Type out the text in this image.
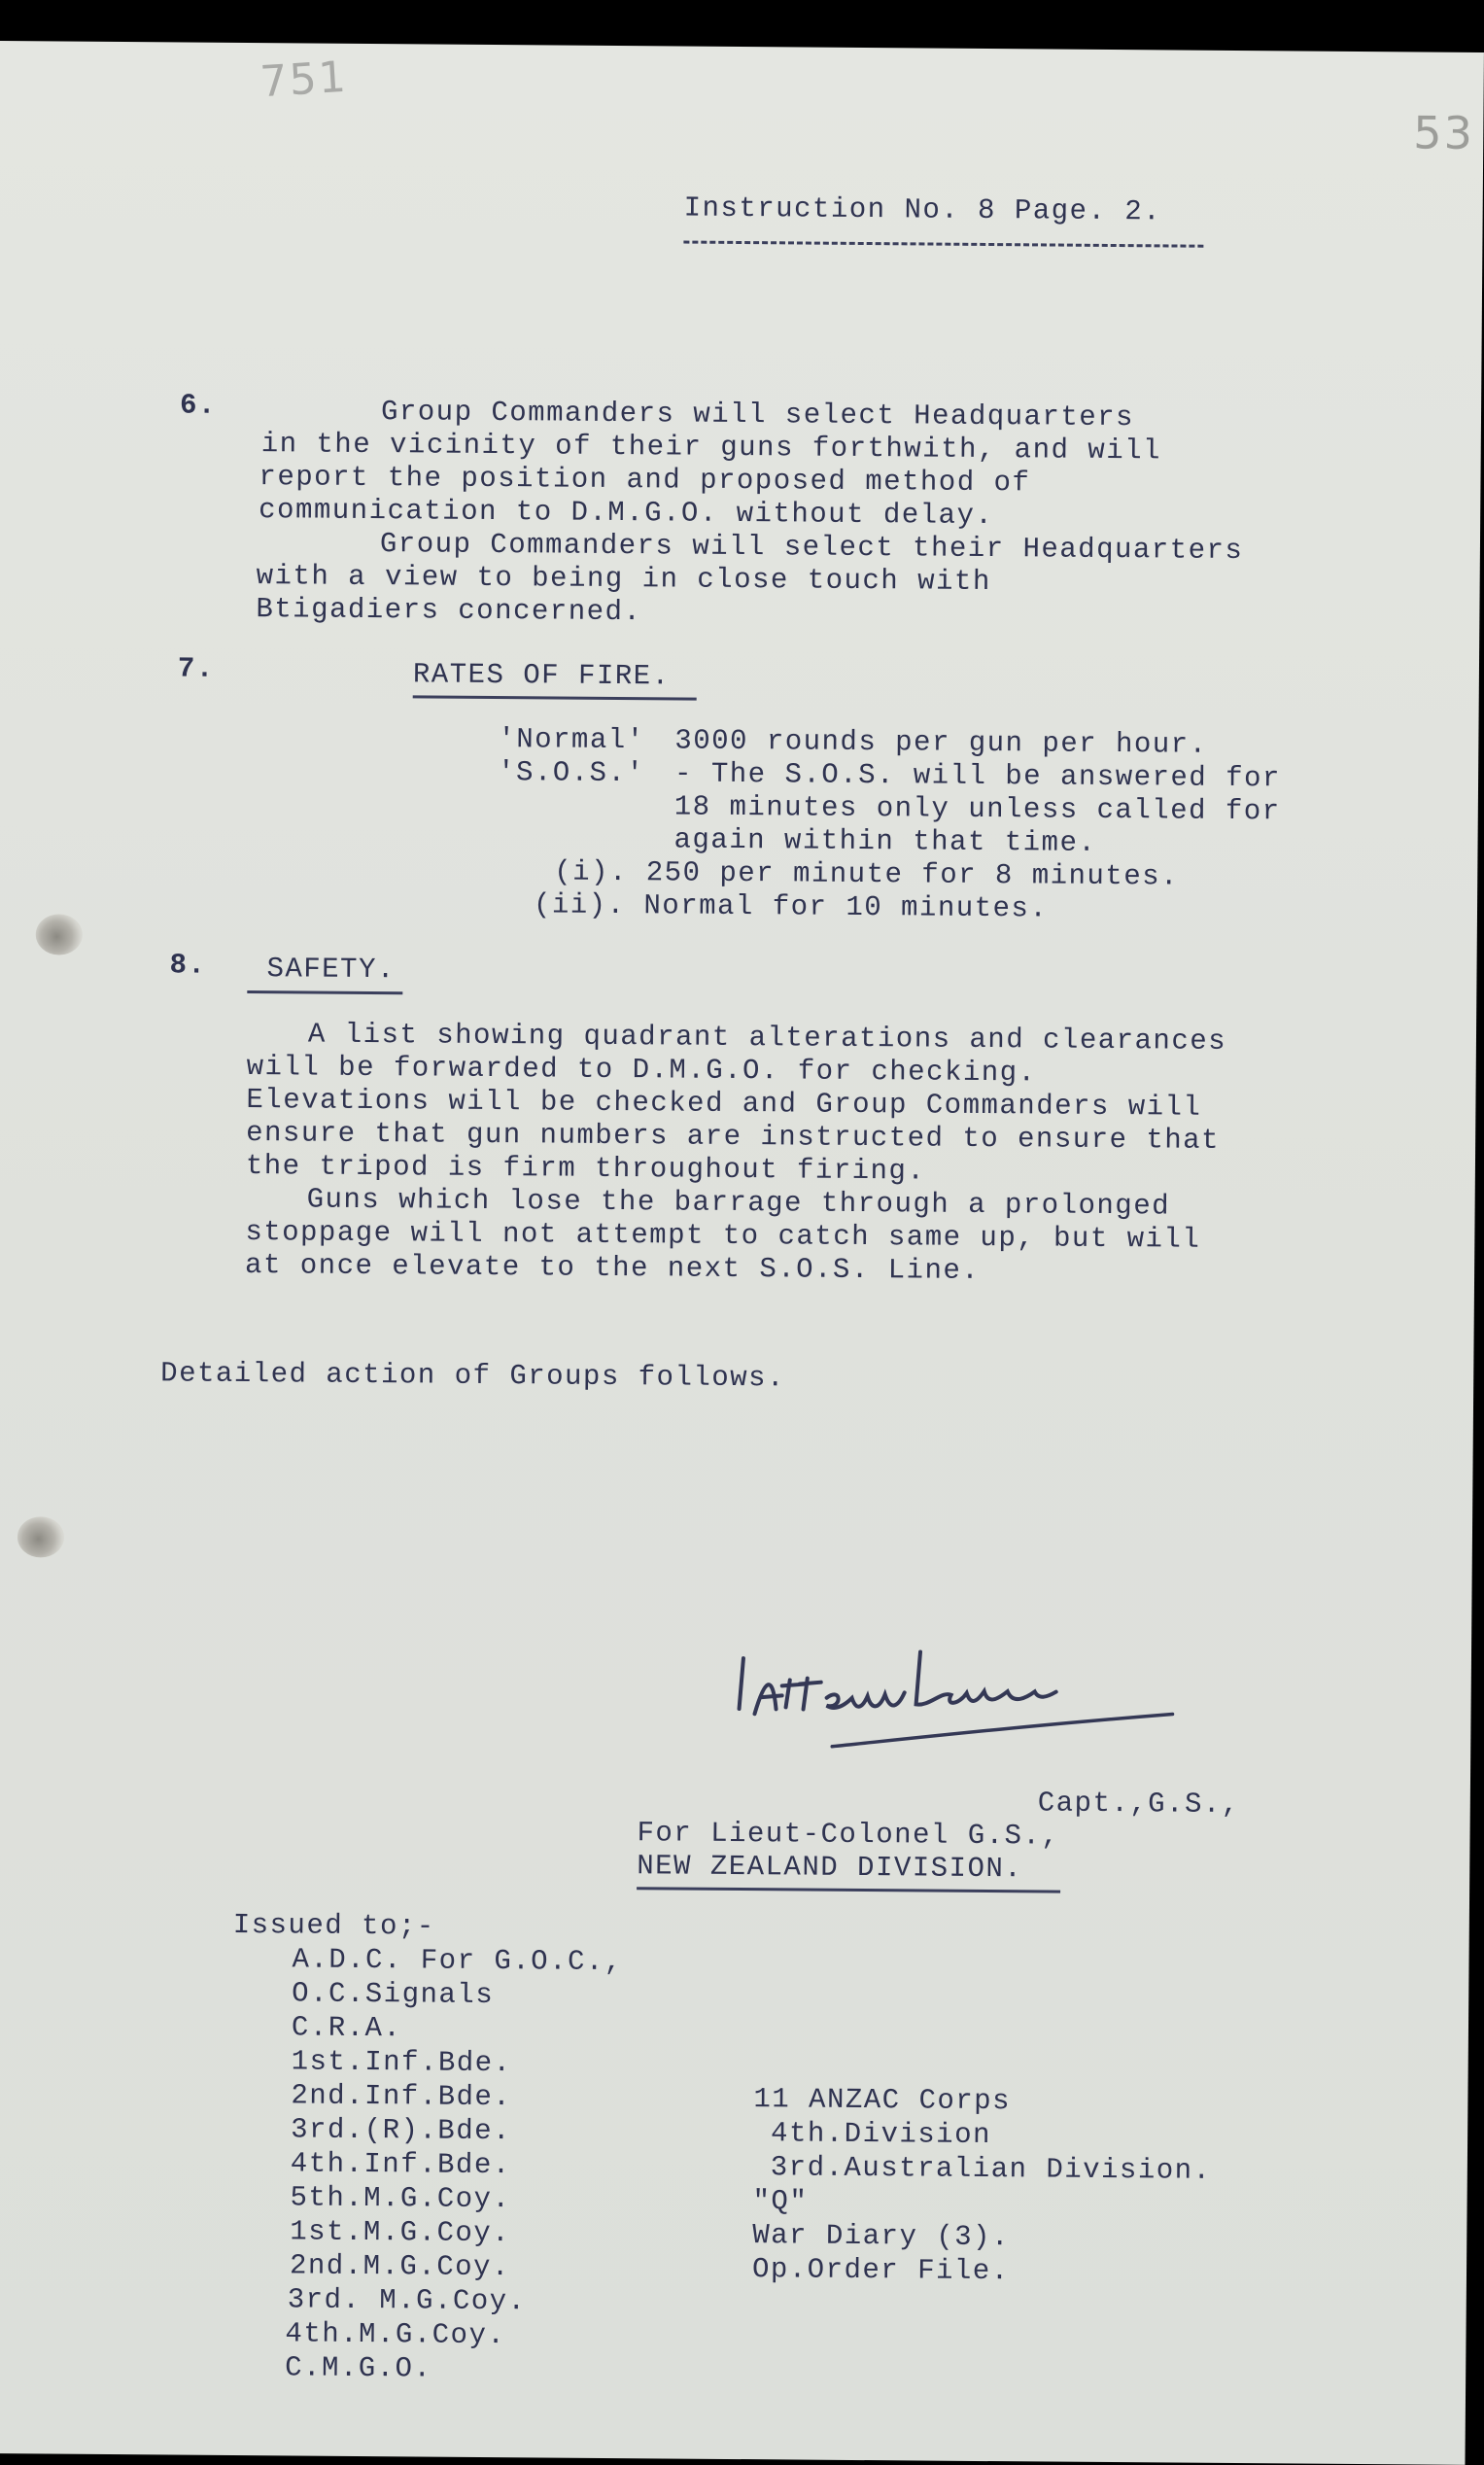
751
53
Instruction No. 8 Page. 2.
6.	Group Commanders will select Headquarters
in the vicinity of their guns forthwith, and will
report the position and proposed method of
communication to D.M.G.O. without delay.
Group Commanders will select their Headquarters
with a view to being in close touch with
Btigadiers concerned.
7.	RATES OF FIRE.
'Normal' 3000 rounds per gun per hour.
'S.O.S.' - The S.O.S. will be answered for
18 minutes only unless called for
again within that time.
(i). 250 per minute for 8 minutes.
(ii). Normal for 10 minutes.
8. SAFETY.
A list showing quadrant alterations and clearances
will be forwarded to D.M.G.O. for checking.
Elevations will be checked and Group Commanders will
ensure that gun numbers are instructed to ensure that
the tripod is firm throughout firing.
Guns which lose the barrage through a prolonged
stoppage will not attempt to catch same up, but will
at once elevate to the next S.O.S. Line.
Detailed action of Groups follows.
Capt.,G.S.,
For Lieut-Colonel G.S.,
NEW ZEALAND DIVISION.
Issued to;-
A.D.C. For G.O.C.,
O.C.Signals
C.R.A.
1st.Inf.Bde.
2nd.Inf.Bde.
3rd.(R).Bde.
4th.Inf.Bde.
5th.M.G.Coy.
1st.M.G.Coy.
2nd.M.G.Coy.
3rd. M.G.Coy.
4th.M.G.Coy.
C.M.G.O.
11 ANZAC Corps
4th.Division
3rd.Australian Division.
"Q"
War Diary (3).
Op.Order File.
